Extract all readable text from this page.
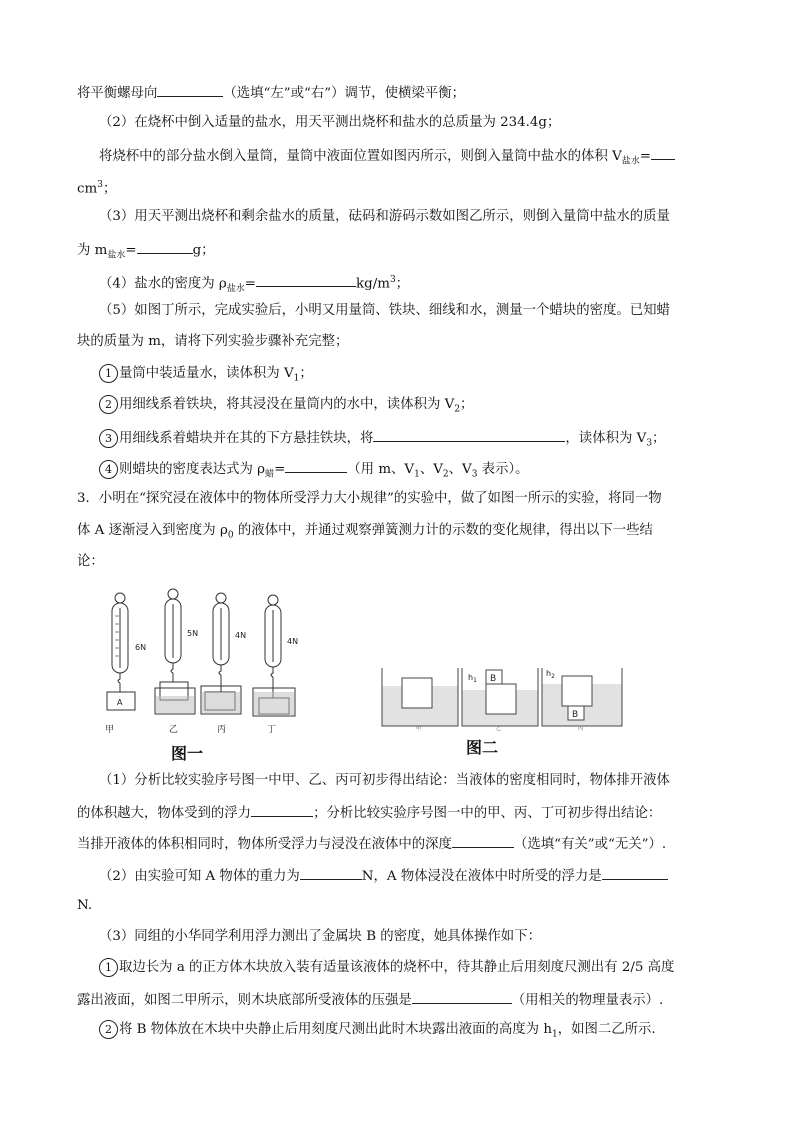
将平衡螺母向	（选填“左”或“右”）调节，使横梁平衡；
（2）在烧杯中倒入适量的盐水，用天平测出烧杯和盐水的总质量为 234.4g；
将烧杯中的部分盐水倒入量筒，量筒中液面位置如图丙所示，则倒入量筒中盐水的体积 $V_{盐水}=$
$cm^3$；
（3）用天平测出烧杯和剩余盐水的质量，砝码和游码示数如图乙所示，则倒入量筒中盐水的质量
为 $m_{盐水}=$	g；
（4）盐水的密度为 $\rho_{盐水}=$	$kg/m^3$；
（5）如图丁所示，完成实验后，小明又用量筒、铁块、细线和水，测量一个蜡块的密度。已知蜡
块的质量为 m，请将下列实验步骤补充完整；
1 量筒中装适量水，读体积为 $V_1$；
2 用细线系着铁块，将其浸没在量筒内的水中，读体积为 $V_2$；
3 用细线系着蜡块并在其的下方悬挂铁块，将	，读体积为 $V_3$；
4 则蜡块的密度表达式为 $\rho_蜡=$	（用 m、$V_1$、$V_2$、$V_3$ 表示）。
3．小明在“探究浸在液体中的物体所受浮力大小规律”的实验中，做了如图一所示的实验，将同一物
体 A 逐渐浸入到密度为 $\rho_0$ 的液体中，并通过观察弹簧测力计的示数的变化规律，得出以下一些结
论：
6N
5N	4N
4N
A
甲	乙	丙	丁
图一
B
B
$h_1$
$h_2$
甲	乙	丙
图二
（1）分析比较实验序号图一中甲、乙、丙可初步得出结论：当液体的密度相同时，物体排开液体
的体积越大，物体受到的浮力	；分析比较实验序号图一中的甲、丙、丁可初步得出结论：
当排开液体的体积相同时，物体所受浮力与浸没在液体中的深度	（选填“有关”或“无关”）.
（2）由实验可知 A 物体的重力为	N，A 物体浸没在液体中时所受的浮力是
N.
（3）同组的小华同学利用浮力测出了金属块 B 的密度，她具体操作如下：
1 取边长为 a 的正方体木块放入装有适量该液体的烧杯中，待其静止后用刻度尺测出有 2/5 高度
露出液面，如图二甲所示，则木块底部所受液体的压强是	（用相关的物理量表示）.
2 将 B 物体放在木块中央静止后用刻度尺测出此时木块露出液面的高度为 $h_1$，如图二乙所示.
